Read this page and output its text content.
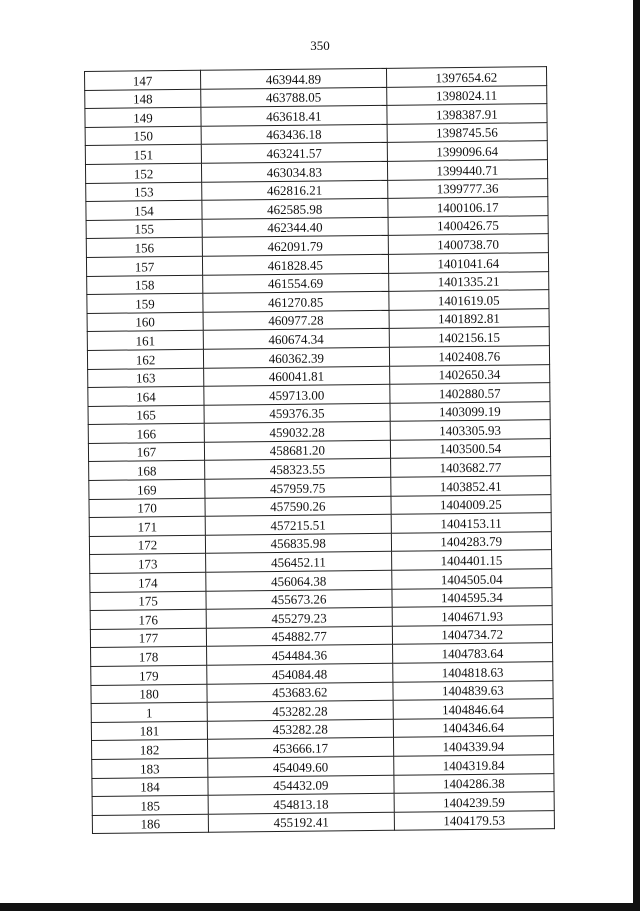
350
147	463944.89	1397654.62
148	463788.05	1398024.11
149	463618.41	1398387.91
150	463436.18	1398745.56
151	463241.57	1399096.64
152	463034.83	1399440.71
153	462816.21	1399777.36
154	462585.98	1400106.17
155	462344.40	1400426.75
156	462091.79	1400738.70
157	461828.45	1401041.64
158	461554.69	1401335.21
159	461270.85	1401619.05
160	460977.28	1401892.81
161	460674.34	1402156.15
162	460362.39	1402408.76
163	460041.81	1402650.34
164	459713.00	1402880.57
165	459376.35	1403099.19
166	459032.28	1403305.93
167	458681.20	1403500.54
168	458323.55	1403682.77
169	457959.75	1403852.41
170	457590.26	1404009.25
171	457215.51	1404153.11
172	456835.98	1404283.79
173	456452.11	1404401.15
174	456064.38	1404505.04
175	455673.26	1404595.34
176	455279.23	1404671.93
177	454882.77	1404734.72
178	454484.36	1404783.64
179	454084.48	1404818.63
180	453683.62	1404839.63
1	453282.28	1404846.64
181	453282.28	1404346.64
182	453666.17	1404339.94
183	454049.60	1404319.84
184	454432.09	1404286.38
185	454813.18	1404239.59
186	455192.41	1404179.53
